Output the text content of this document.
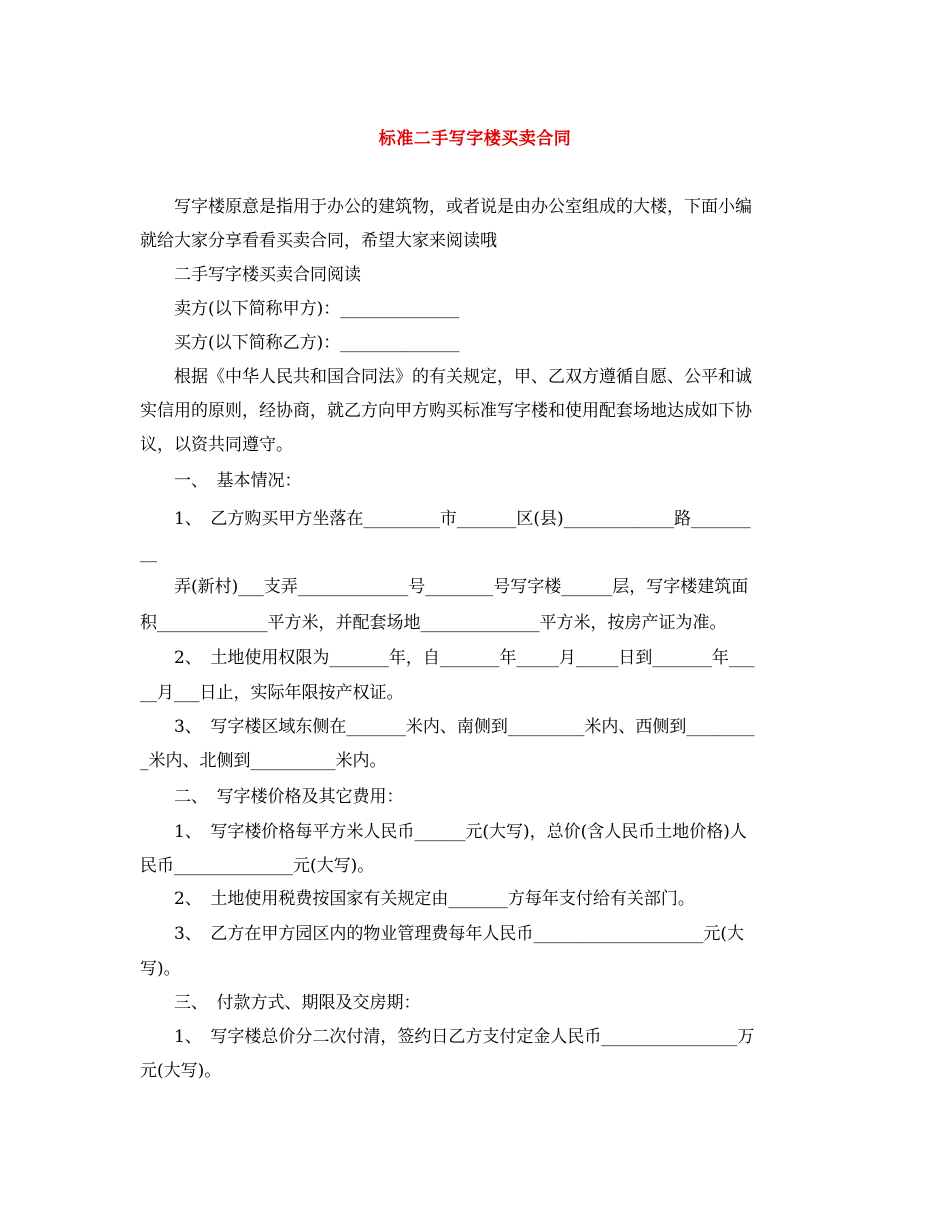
标准二手写字楼买卖合同
　　写字楼原意是指用于办公的建筑物，或者说是由办公室组成的大楼，下面小编
就给大家分享看看买卖合同，希望大家来阅读哦
　　二手写字楼买卖合同阅读
　　卖方(以下简称甲方)：______________
　　买方(以下简称乙方)：______________
　　根据《中华人民共和国合同法》的有关规定，甲、乙双方遵循自愿、公平和诚
实信用的原则，经协商，就乙方向甲方购买标准写字楼和使用配套场地达成如下协
议，以资共同遵守。
　　一、　基本情况：
　　1、　乙方购买甲方坐落在_________市_______区(县)_____________路_______
__
　　弄(新村)___支弄_____________号________号写字楼______层，写字楼建筑面
积_____________平方米，并配套场地______________平方米，按房产证为准。
　　2、　土地使用权限为_______年，自_______年_____月_____日到_______年___
__月___日止，实际年限按产权证。
　　3、　写字楼区域东侧在_______米内、南侧到_________米内、西侧到________
_米内、北侧到__________米内。
　　二、　写字楼价格及其它费用：
　　1、　写字楼价格每平方米人民币______元(大写)，总价(含人民币土地价格)人
民币______________元(大写)。
　　2、　土地使用税费按国家有关规定由_______方每年支付给有关部门。
　　3、　乙方在甲方园区内的物业管理费每年人民币____________________元(大
写)。
　　三、　付款方式、期限及交房期：
　　1、　写字楼总价分二次付清，签约日乙方支付定金人民币________________万
元(大写)。
